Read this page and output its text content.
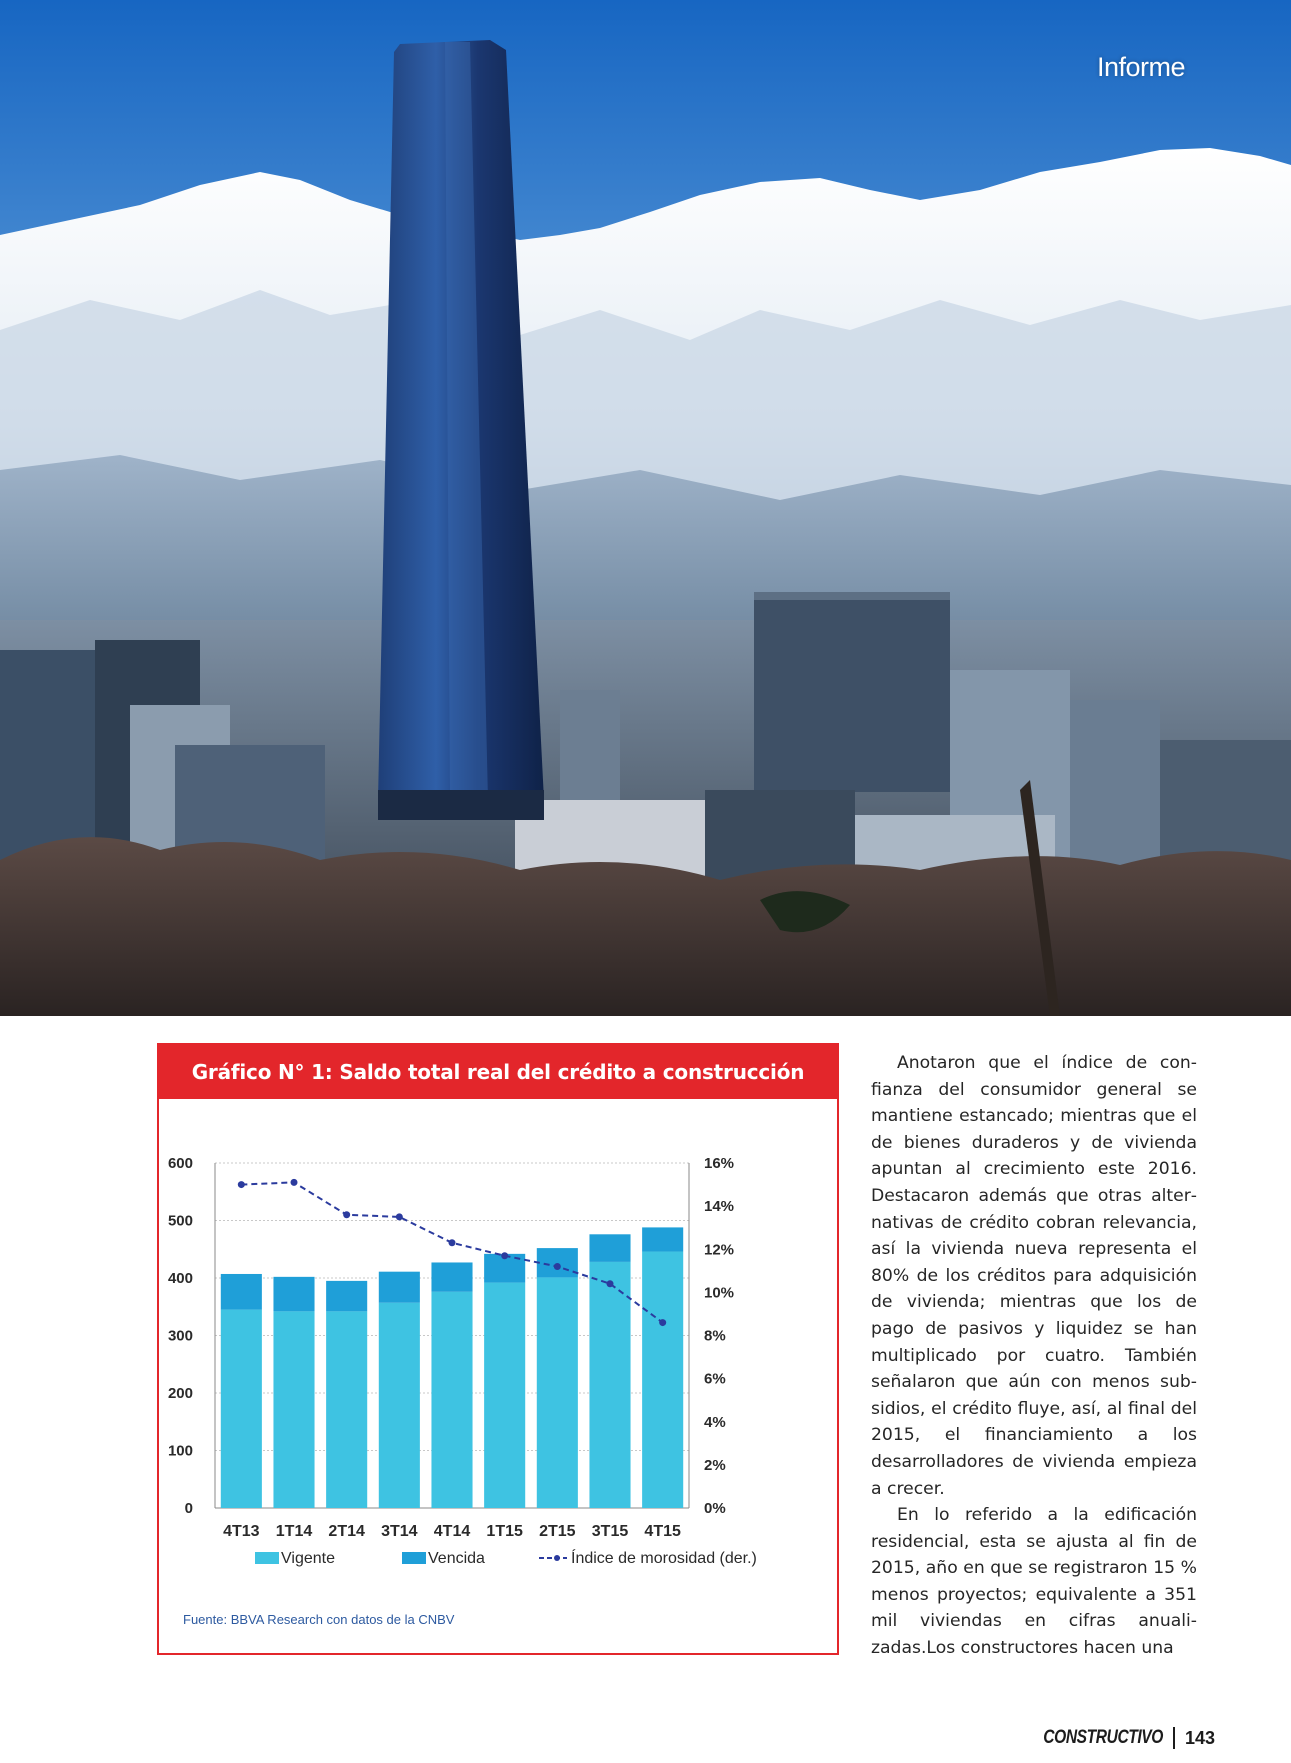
Informe
Gráfico N° 1: Saldo total real del crédito a construcción
0
100
200
300
400
500
600
0%
2%
4%
6%
8%
10%
12%
14%
16%
4T13 1T14 2T14 3T14 4T14 1T15 2T15 3T15 4T15
Vigente	Vencida	Índice de morosidad (der.)
Fuente: BBVA Research con datos de la CNBV

Anotaron que el índice de confianza del consumidor general se mantiene estancado; mientras que el de bienes duraderos y de vivienda apuntan al crecimiento este 2016. Destacaron además que otras alternativas de crédito cobran relevancia, así la vivienda nueva representa el 80% de los créditos para adquisición de vivienda; mientras que los de pago de pasivos y liquidez se han multiplicado por cuatro. También señalaron que aún con menos subsidios, el crédito fluye, así, al final del 2015, el financiamiento a los desarrolladores de vivienda empieza a crecer.

En lo referido a la edificación residencial, esta se ajusta al fin de 2015, año en que se registraron 15 % menos proyectos; equivalente a 351 mil viviendas en cifras anualizadas.Los constructores hacen una

CONSTRUCTIVO 143
